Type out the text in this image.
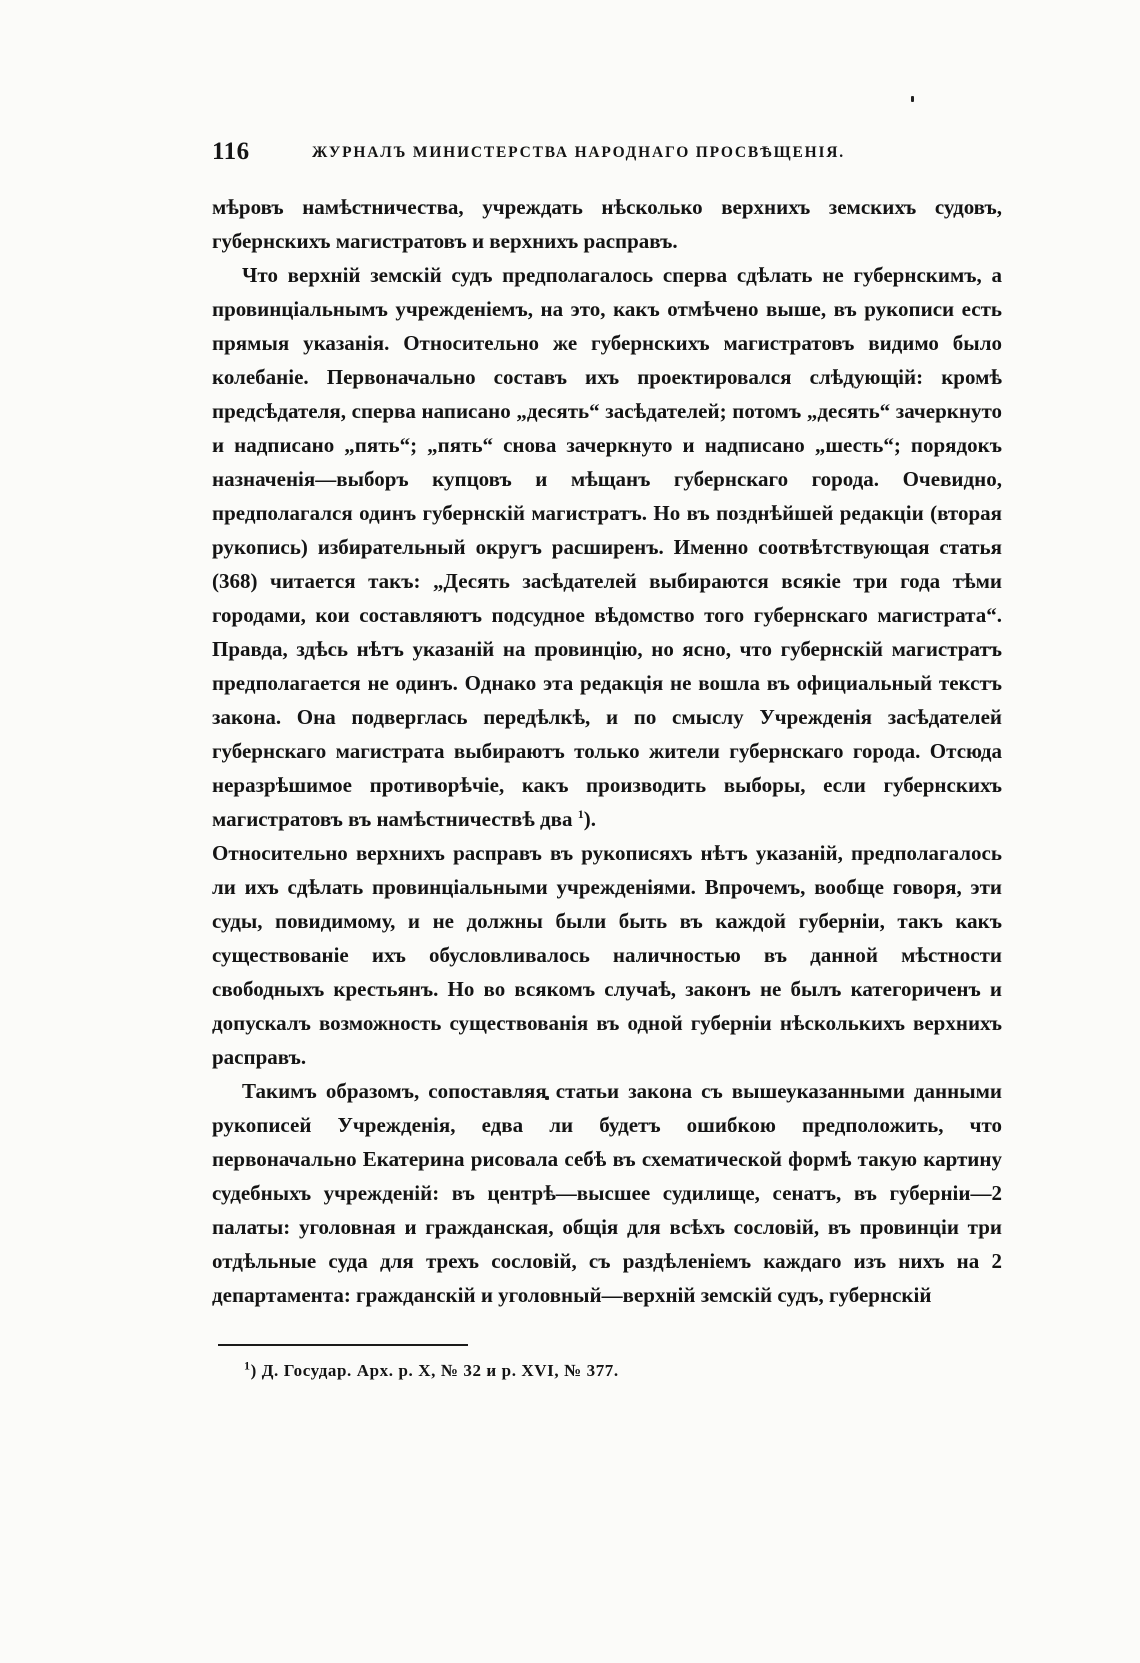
116	ЖУРНАЛЪ МИНИСТЕРСТВА НАРОДНАГО ПРОСВѢЩЕНІЯ.

мѣровъ намѣстничества, учреждать нѣсколько верхнихъ земскихъ судовъ, губернскихъ магистратовъ и верхнихъ расправъ.

Что верхній земскій судъ предполагалось сперва сдѣлать не губернскимъ, а провинціальнымъ учрежденіемъ, на это, какъ отмѣчено выше, въ рукописи есть прямыя указанія. Относительно же губернскихъ магистратовъ видимо было колебаніе. Первоначально составъ ихъ проектировался слѣдующій: кромѣ предсѣдателя, сперва написано „десять“ засѣдателей; потомъ „десять“ зачеркнуто и надписано „пять“; „пять“ снова зачеркнуто и надписано „шесть“; порядокъ назначенія—выборъ купцовъ и мѣщанъ губернскаго города. Очевидно, предполагался одинъ губернскій магистратъ. Но въ позднѣйшей редакціи (вторая рукопись) избирательный округъ расширенъ. Именно соотвѣтствующая статья (368) читается такъ: „Десять засѣдателей выбираются всякіе три года тѣми городами, кои составляютъ подсудное вѣдомство того губернскаго магистрата“. Правда, здѣсь нѣтъ указаній на провинцію, но ясно, что губернскій магистратъ предполагается не одинъ. Однако эта редакція не вошла въ официальный текстъ закона. Она подверглась передѣлкѣ, и по смыслу Учрежденія засѣдателей губернскаго магистрата выбираютъ только жители губернскаго города. Отсюда неразрѣшимое противорѣчіе, какъ производить выборы, если губернскихъ магистратовъ въ намѣстничествѣ два $^1$).

Относительно верхнихъ расправъ въ рукописяхъ нѣтъ указаній, предполагалось ли ихъ сдѣлать провинціальными учрежденіями. Впрочемъ, вообще говоря, эти суды, повидимому, и не должны были быть въ каждой губерніи, такъ какъ существованіе ихъ обусловливалось наличностью въ данной мѣстности свободныхъ крестьянъ. Но во всякомъ случаѣ, законъ не былъ категориченъ и допускалъ возможность существованія въ одной губерніи нѣсколькихъ верхнихъ расправъ.

Такимъ образомъ, сопоставляя статьи закона съ вышеуказанными данными рукописей Учрежденія, едва ли будетъ ошибкою предположить, что первоначально Екатерина рисовала себѣ въ схематической формѣ такую картину судебныхъ учрежденій: въ центрѣ—высшее судилище, сенатъ, въ губерніи—2 палаты: уголовная и гражданская, общія для всѣхъ сословій, въ провинціи три отдѣльные суда для трехъ сословій, съ раздѣленіемъ каждаго изъ нихъ на 2 департамента: гражданскій и уголовный—верхній земскій судъ, губернскій

$^1$) Д. Государ. Арх. р. X, № 32 и р. XVI, № 377.
